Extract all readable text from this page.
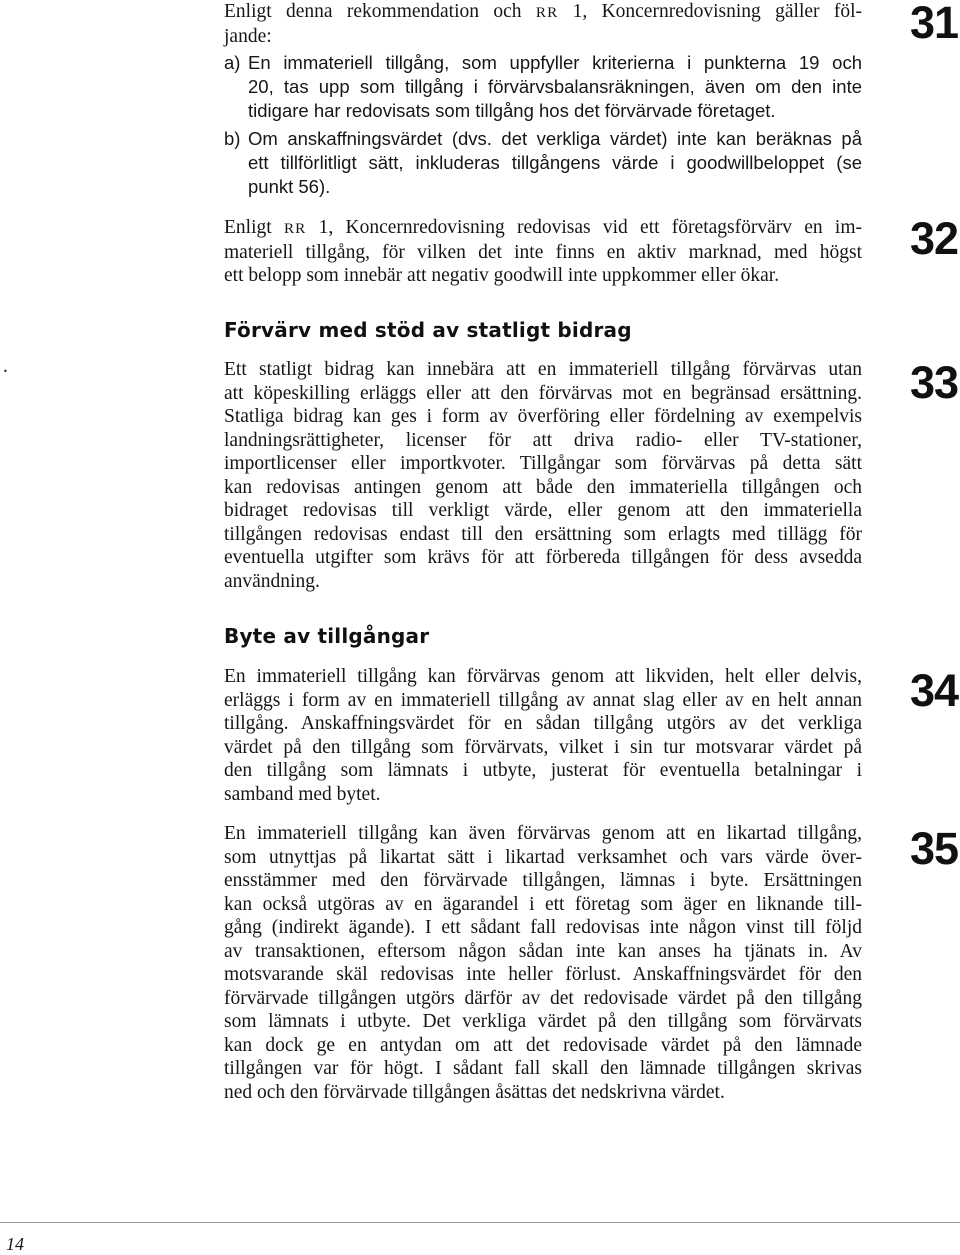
Enligt denna rekommendation och RR 1, Koncernredovisning gäller föl-
jande:
a) En immateriell tillgång, som uppfyller kriterierna i punkterna 19 och
20, tas upp som tillgång i förvärvsbalansräkningen, även om den inte
tidigare har redovisats som tillgång hos det förvärvade företaget.
b) Om anskaffningsvärdet (dvs. det verkliga värdet) inte kan beräknas på
ett tillförlitligt sätt, inkluderas tillgångens värde i goodwillbeloppet (se
punkt 56).
Enligt RR 1, Koncernredovisning redovisas vid ett företagsförvärv en im-
materiell tillgång, för vilken det inte finns en aktiv marknad, med högst
ett belopp som innebär att negativ goodwill inte uppkommer eller ökar.
Förvärv med stöd av statligt bidrag
.	Ett statligt bidrag kan innebära att en immateriell tillgång förvärvas utan
att köpeskilling erläggs eller att den förvärvas mot en begränsad ersättning.
Statliga bidrag kan ges i form av överföring eller fördelning av exempelvis
landningsrättigheter, licenser för att driva radio- eller TV-stationer,
importlicenser eller importkvoter. Tillgångar som förvärvas på detta sätt
kan redovisas antingen genom att både den immateriella tillgången och
bidraget redovisas till verkligt värde, eller genom att den immateriella
tillgången redovisas endast till den ersättning som erlagts med tillägg för
eventuella utgifter som krävs för att förbereda tillgången för dess avsedda
användning.
Byte av tillgångar
En immateriell tillgång kan förvärvas genom att likviden, helt eller delvis,
erläggs i form av en immateriell tillgång av annat slag eller av en helt annan
tillgång. Anskaffningsvärdet för en sådan tillgång utgörs av det verkliga
värdet på den tillgång som förvärvats, vilket i sin tur motsvarar värdet på
den tillgång som lämnats i utbyte, justerat för eventuella betalningar i
samband med bytet.
En immateriell tillgång kan även förvärvas genom att en likartad tillgång,
som utnyttjas på likartat sätt i likartad verksamhet och vars värde över-
ensstämmer med den förvärvade tillgången, lämnas i byte. Ersättningen
kan också utgöras av en ägarandel i ett företag som äger en liknande till-
gång (indirekt ägande). I ett sådant fall redovisas inte någon vinst till följd
av transaktionen, eftersom någon sådan inte kan anses ha tjänats in. Av
motsvarande skäl redovisas inte heller förlust. Anskaffningsvärdet för den
förvärvade tillgången utgörs därför av det redovisade värdet på den tillgång
som lämnats i utbyte. Det verkliga värdet på den tillgång som förvärvats
kan dock ge en antydan om att det redovisade värdet på den lämnade
tillgången var för högt. I sådant fall skall den lämnade tillgången skrivas
ned och den förvärvade tillgången åsättas det nedskrivna värdet.
31
32
33
34
35
14
